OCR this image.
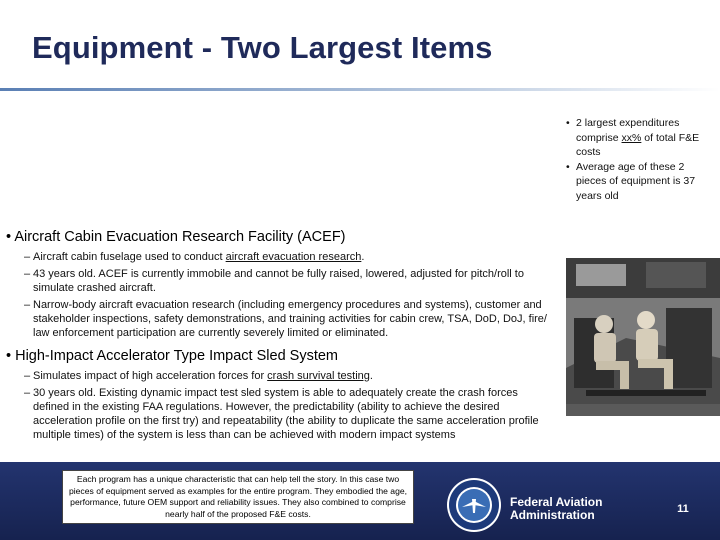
Equipment - Two Largest Items
• 2 largest expenditures comprise xx% of total F&E costs
• Average age of these 2 pieces of equipment is 37 years old
• Aircraft Cabin Evacuation Research Facility (ACEF)
– Aircraft cabin fuselage used to conduct aircraft evacuation research.
– 43 years old. ACEF is currently immobile and cannot be fully raised, lowered, adjusted for pitch/roll to simulate crashed aircraft.
– Narrow-body aircraft evacuation research (including emergency procedures and systems), customer and stakeholder inspections, safety demonstrations, and training activities for cabin crew, TSA, DoD, DoJ, fire/ law enforcement participation are currently severely limited or eliminated.
• High-Impact Accelerator Type Impact Sled System
– Simulates impact of high acceleration forces for crash survival testing.
– 30 years old. Existing dynamic impact test sled system is able to adequately create the crash forces defined in the existing FAA regulations. However, the predictability (ability to achieve the desired acceleration profile on the first try) and repeatability (the ability to duplicate the same acceleration profile multiple times) of the system is less than can be achieved with modern impact systems
Each program has a unique characteristic that can help tell the story. In this case two pieces of equipment served as examples for the entire program. They embodied the age, performance, future OEM support and reliability issues. They also combined to comprise nearly half of the proposed F&E costs.
Federal Aviation
Administration	11
